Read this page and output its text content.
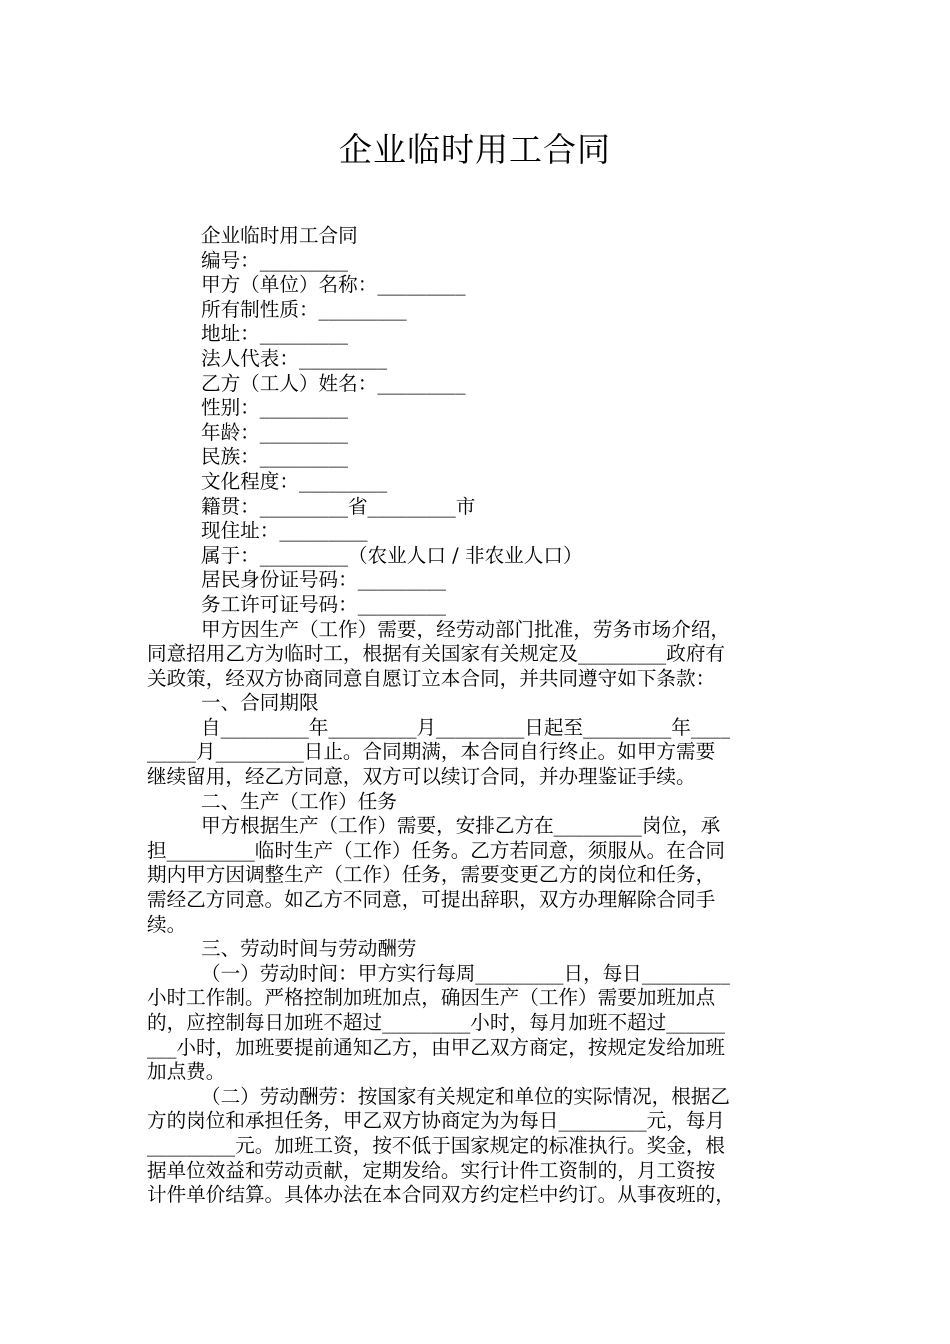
企业临时用工合同
企业临时用工合同
编号：_________
甲方（单位）名称：_________
所有制性质：_________
地址：_________
法人代表：_________
乙方（工人）姓名：_________
性别：_________
年龄：_________
民族：_________
文化程度：_________
籍贯：_________省_________市
现住址：_________
属于：_________（农业人口 / 非农业人口）
居民身份证号码：_________
务工许可证号码：_________
甲方因生产（工作）需要，经劳动部门批准，劳务市场介绍，
同意招用乙方为临时工，根据有关国家有关规定及_________政府有
关政策，经双方协商同意自愿订立本合同，并共同遵守如下条款：
一、合同期限
自_________年_________月_________日起至_________年____
_____月_________日止。合同期满，本合同自行终止。如甲方需要
继续留用，经乙方同意，双方可以续订合同，并办理鉴证手续。
二、生产（工作）任务
甲方根据生产（工作）需要，安排乙方在_________岗位，承
担_________临时生产（工作）任务。乙方若同意，须服从。在合同
期内甲方因调整生产（工作）任务，需要变更乙方的岗位和任务，
需经乙方同意。如乙方不同意，可提出辞职，双方办理解除合同手
续。
三、劳动时间与劳动酬劳
（一）劳动时间：甲方实行每周_________日，每日_________
小时工作制。严格控制加班加点，确因生产（工作）需要加班加点
的，应控制每日加班不超过_________小时，每月加班不超过______
___小时，加班要提前通知乙方，由甲乙双方商定，按规定发给加班
加点费。
（二）劳动酬劳：按国家有关规定和单位的实际情况，根据乙
方的岗位和承担任务，甲乙双方协商定为为每日_________元，每月
_________元。加班工资，按不低于国家规定的标准执行。奖金，根
据单位效益和劳动贡献，定期发给。实行计件工资制的，月工资按
计件单价结算。具体办法在本合同双方约定栏中约订。从事夜班的，
